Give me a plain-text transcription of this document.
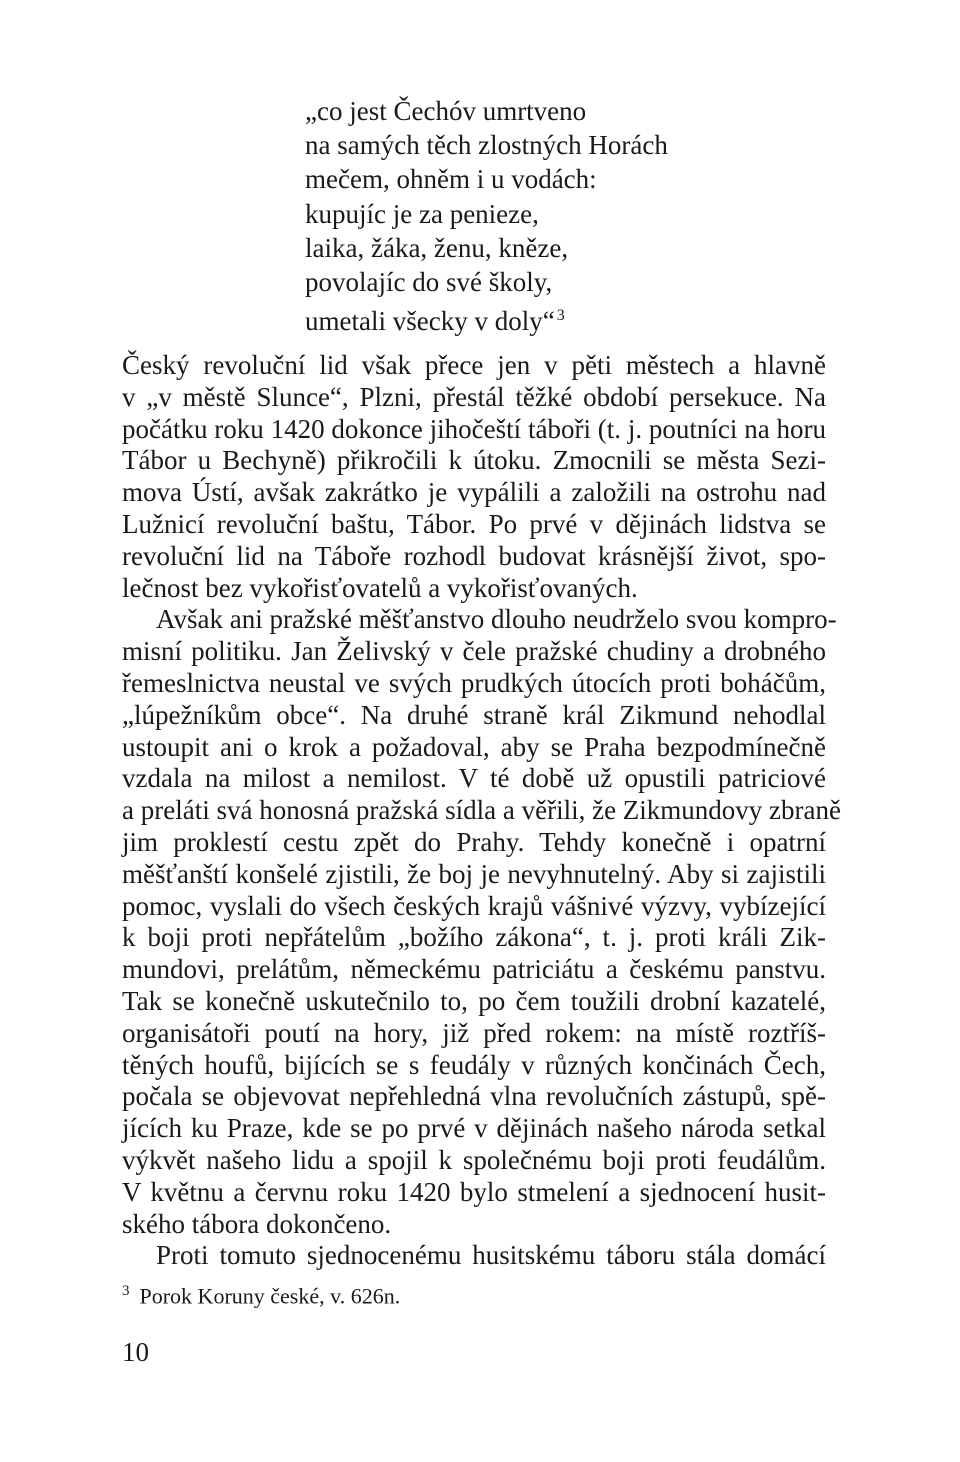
„co jest Čechóv umrtveno
na samých těch zlostných Horách
mečem, ohněm i u vodách:
kupujíc je za penieze,
laika, žáka, ženu, kněze,
povolajíc do své školy,
umetali všecky v doly“ $^3$
Český revoluční lid však přece jen v pěti městech a hlavně
v „v městě Slunce“, Plzni, přestál těžké období persekuce. Na
počátku roku 1420 dokonce jihočeští táboři (t. j. poutníci na horu
Tábor u Bechyně) přikročili k útoku. Zmocnili se města Sezi-
mova Ústí, avšak zakrátko je vypálili a založili na ostrohu nad
Lužnicí revoluční baštu, Tábor. Po prvé v dějinách lidstva se
revoluční lid na Táboře rozhodl budovat krásnější život, spo-
lečnost bez vykořisťovatelů a vykořisťovaných.
Avšak ani pražské měšťanstvo dlouho neudrželo svou kompro-
misní politiku. Jan Želivský v čele pražské chudiny a drobného
řemeslnictva neustal ve svých prudkých útocích proti boháčům,
„lúpežníkům obce“. Na druhé straně král Zikmund nehodlal
ustoupit ani o krok a požadoval, aby se Praha bezpodmínečně
vzdala na milost a nemilost. V té době už opustili patriciové
a preláti svá honosná pražská sídla a věřili, že Zikmundovy zbraně
jim proklestí cestu zpět do Prahy. Tehdy konečně i opatrní
měšťanští konšelé zjistili, že boj je nevyhnutelný. Aby si zajistili
pomoc, vyslali do všech českých krajů vášnivé výzvy, vybízející
k boji proti nepřátelům „božího zákona“, t. j. proti králi Zik-
mundovi, prelátům, německému patriciátu a českému panstvu.
Tak se konečně uskutečnilo to, po čem toužili drobní kazatelé,
organisátoři poutí na hory, již před rokem: na místě roztříš-
těných houfů, bijících se s feudály v různých končinách Čech,
počala se objevovat nepřehledná vlna revolučních zástupů, spě-
jících ku Praze, kde se po prvé v dějinách našeho národa setkal
výkvět našeho lidu a spojil k společnému boji proti feudálům.
V květnu a červnu roku 1420 bylo stmelení a sjednocení husit-
ského tábora dokončeno.
Proti tomuto sjednocenému husitskému táboru stála domácí
$^3$ Porok Koruny české, v. 626n.
10
